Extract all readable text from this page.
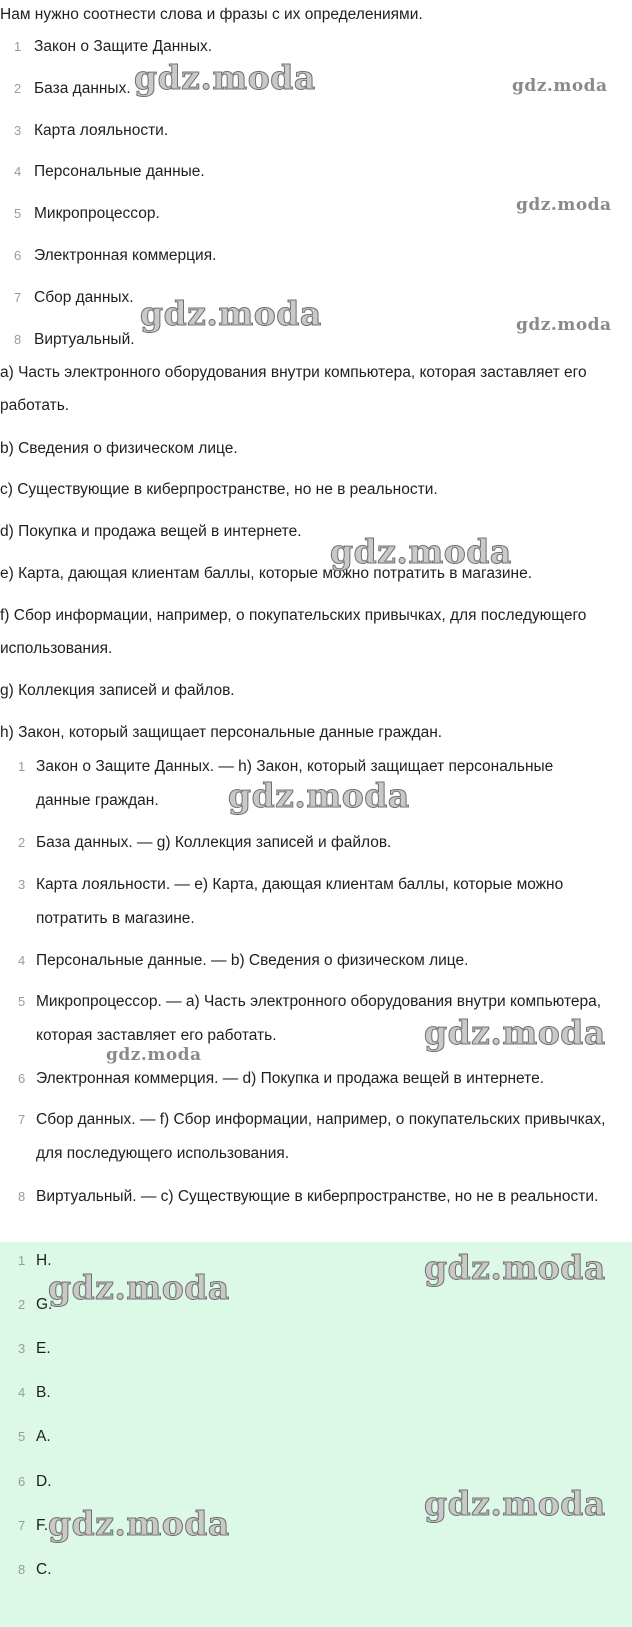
Нам нужно соотнести слова и фразы с их определениями.
1 Закон о Защите Данных.
2 База данных.
3 Карта лояльности.
4 Персональные данные.
5 Микропроцессор.
6 Электронная коммерция.
7 Сбор данных.
8 Виртуальный.
a) Часть электронного оборудования внутри компьютера, которая заставляет его работать.
b) Сведения о физическом лице.
c) Существующие в киберпространстве, но не в реальности.
d) Покупка и продажа вещей в интернете.
e) Карта, дающая клиентам баллы, которые можно потратить в магазине.
f) Сбор информации, например, о покупательских привычках, для последующего использования.
g) Коллекция записей и файлов.
h) Закон, который защищает персональные данные граждан.
1 Закон о Защите Данных. — h) Закон, который защищает персональные данные граждан.
2 База данных. — g) Коллекция записей и файлов.
3 Карта лояльности. — e) Карта, дающая клиентам баллы, которые можно потратить в магазине.
4 Персональные данные. — b) Сведения о физическом лице.
5 Микропроцессор. — a) Часть электронного оборудования внутри компьютера, которая заставляет его работать.
6 Электронная коммерция. — d) Покупка и продажа вещей в интернете.
7 Сбор данных. — f) Сбор информации, например, о покупательских привычках, для последующего использования.
8 Виртуальный. — c) Существующие в киберпространстве, но не в реальности.
1 H.
2 G.
3 E.
4 B.
5 A.
6 D.
7 F.
8 C.
gdz.moda	gdz.moda
gdz.moda
gdz.moda	gdz.moda
gdz.moda
gdz.moda
gdz.moda
gdz.moda
gdz.moda
gdz.moda
gdz.moda
gdz.moda
